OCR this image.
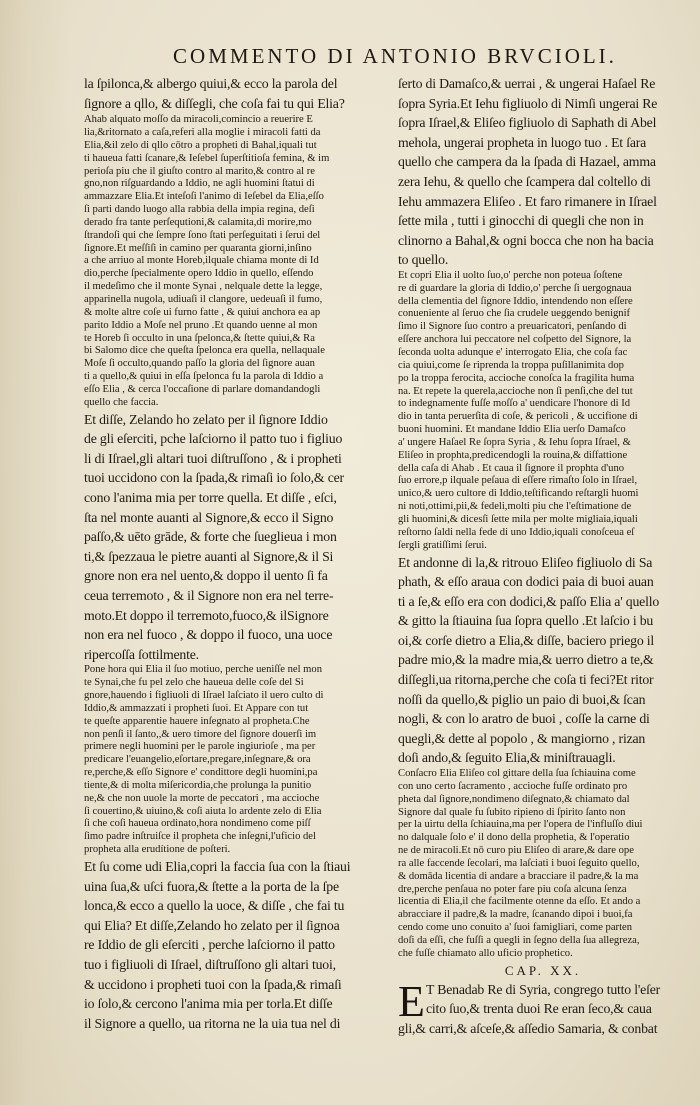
COMMENTO DI ANTONIO BRVCIOLI.
la ſpilonca,& albergo quiui,& ecco la parola del
ſignore a qllo, & diſſegli, che coſa fai tu qui Elia?
Ahab alquato moſſo da miracoli,comincio a reuerire E
lia,&ritornato a caſa,referi alla moglie i miracoli fatti da
Elia,&il zelo di qllo cōtro a propheti di Bahal,iquali tut
ti haueua fatti ſcanare,& Ieſebel ſuperſtitioſa femina, & im
perioſa piu che il giuſto contro al marito,& contro al re
gno,non riſguardando a Iddio, ne agli huomini ſtatui di
ammazzare Elia.Et inteſoſi l'animo di Ieſebel da Elia,eſſo
ſi parti dando luogo alla rabbia della impia regina, deſi
derado fra tante perſequtioni,& calamita,di morire,mo
ſtrandoſi qui che ſempre ſono ſtati perſeguitati i ſerui del
ſignore.Et meſſiſi in camino per quaranta giorni,inſino
a che arriuo al monte Horeb,ilquale chiama monte di Id
dio,perche ſpecialmente opero Iddio in quello, eſſendo
il medeſimo che il monte Synai , nelquale dette la legge,
apparinella nugola, udiuaſi il clangore, uedeuaſi il fumo,
& molte altre coſe ui furno fatte , & quiui anchora ea ap
parito Iddio a Moſe nel pruno .Et quando uenne al mon
te Horeb ſi occulto in una ſpelonca,& ſtette quiui,& Ra
bi Salomo dice che queſta ſpelonca era quella, nellaquale
Moſe ſi occulto,quando paſſo la gloria del ſignore auan
ti a quello,& quiui in eſſa ſpelonca fu la parola di Iddio a
eſſo Elia , & cerca l'occaſione di parlare domandandogli
quello che faccia.
Et diſſe, Zelando ho zelato per il ſignore Iddio
de gli eſerciti, pche laſciorno il patto tuo i figliuo
li di Iſrael,gli altari tuoi diſtruſſono , & i propheti
tuoi uccidono con la ſpada,& rimaſi io ſolo,& cer
cono l'anima mia per torre quella. Et diſſe , eſci,
ſta nel monte auanti al Signore,& ecco il Signo
paſſo,& uēto grāde, & forte che ſueglieua i mon
ti,& ſpezzaua le pietre auanti al Signore,& il Si
gnore non era nel uento,& doppo il uento ſi fa
ceua terremoto , & il Signore non era nel terre-
moto.Et doppo il terremoto,fuoco,& ilSignore
non era nel fuoco , & doppo il fuoco, una uoce
ripercoſſa ſottilmente.
Pone hora qui Elia il ſuo motiuo, perche ueniſſe nel mon
te Synai,che fu pel zelo che haueua delle coſe del Si
gnore,hauendo i figliuoli di Iſrael laſciato il uero culto di
Iddio,& ammazzati i propheti ſuoi. Et Appare con tut
te queſte apparentie hauere inſegnato al propheta.Che
non penſi il ſanto,,& uero timore del ſignore douerſi im
primere negli huomini per le parole ingiurioſe , ma per
predicare l'euangelio,eſortare,pregare,inſegnare,& ora
re,perche,& eſſo Signore e' condittore degli huomini,pa
tiente,& di molta miſericordia,che prolunga la punitio
ne,& che non uuole la morte de peccatori , ma accioche
ſi couertino,& uiuino,& coſi aiuta lo ardente zelo di Elia
ſi che coſi haueua ordinato,hora nondimeno come piſſ
ſimo padre inſtruiſce il propheta che inſegni,l'uficio del
propheta alla erudítione de poſteri.
Et ſu come udi Elia,copri la faccia ſua con la ſtiaui
uina ſua,& uſci fuora,& ſtette a la porta de la ſpe
lonca,& ecco a quello la uoce, & diſſe , che fai tu
qui Elia? Et diſſe,Zelando ho zelato per il ſignoa
re Iddio de gli eſerciti , perche laſciorno il patto
tuo i figliuoli di Iſrael, diſtruſſono gli altari tuoi,
& uccidono i propheti tuoi con la ſpada,& rimaſi
io ſolo,& cercono l'anima mia per torla.Et diſſe
il Signore a quello, ua ritorna ne la uia tua nel di
ſerto di Damaſco,& uerrai , & ungerai Haſael Re
ſopra Syria.Et Iehu figliuolo di Nimſi ungerai Re
ſopra Iſrael,& Eliſeo figliuolo di Saphath di Abel
mehola, ungerai propheta in luogo tuo . Et ſara
quello che campera da la ſpada di Hazael, amma
zera Iehu, & quello che ſcampera dal coltello di
Iehu ammazera Eliſeo . Et faro rimanere in Iſrael
ſette mila , tutti i ginocchi di quegli che non in
clinorno a Bahal,& ogni bocca che non ha bacia
to quello.
Et copri Elia il uolto ſuo,o' perche non poteua ſoſtene
re di guardare la gloria di Iddio,o' perche ſi uergognaua
della clementia del ſignore Iddio, intendendo non eſſere
conueniente al ſeruo che ſia crudele ueggendo benignif
ſimo il Signore ſuo contro a preuaricatori, penſando di
eſſere anchora lui peccatore nel coſpetto del Signore, la
ſeconda uolta adunque e' interrogato Elia, che coſa fac
cia quiui,come ſe riprenda la troppa puſillanimita dop
po la troppa ferocita, accioche conoſca la fragilita huma
na. Et repete la querela,accioche non ſi penſi,che del tut
to indegnamente fuſſe moſſo a' uendicare l'honore di Id
dio in tanta peruerſita di coſe, & pericoli , & uccifione di
buoni huomini. Et mandane Iddio Elia uerſo Damaſco
a' ungere Haſael Re ſopra Syria , & Iehu ſopra Iſrael, &
Eliſeo in prophta,predicendogli la rouina,& diſfattione
della caſa di Ahab . Et caua il ſignore il prophta d'uno
ſuo errore,p ilquale peſaua di eſſere rimaſto ſolo in Iſrael,
unico,& uero cultore di Iddio,teſtificando reſtargli huomi
ni noti,ottimi,pii,& fedeli,molti piu che l'eſtimatione de
gli huomini,& dicesſi ſette mila per molte migliaia,iquali
reſtorno ſaldi nella fede di uno Iddio,iquali conoſceua eſ
ſergli gratiſſimi ſerui.
Et andonne di la,& ritrouo Eliſeo figliuolo di Sa
phath, & eſſo araua con dodici paia di buoi auan
ti a ſe,& eſſo era con dodici,& paſſo Elia a' quello
& gitto la ſtiauina ſua ſopra quello .Et laſcio i bu
oi,& corſe dietro a Elia,& diſſe, baciero priego il
padre mio,& la madre mia,& uerro dietro a te,&
diſſegli,ua ritorna,perche che coſa ti feci?Et ritor
noſſi da quello,& piglio un paio di buoi,& ſcan
nogli, & con lo aratro de buoi , coſſe la carne di
quegli,& dette al popolo , & mangiorno , rizan
doſi ando,& ſeguito Elia,& miniſtrauagli.
Conſacro Elia Eliſeo col gittare della ſua ſchiauina come
con uno certo ſacramento , accioche fuſſe ordinato pro
pheta dal ſignore,nondimeno diſegnato,& chiamato dal
Signore dal quale fu ſubito ripieno di ſpirito ſanto non
per la uirtu della ſchiauina,ma per l'opera de l'influſſo diui
no dalquale ſolo e' il dono della prophetia, & l'operatio
ne de miracoli.Et nō curo piu Eliſeo di arare,& dare ope
ra alle faccende ſecolari, ma laſciati i buoi ſeguito quello,
& domāda licentia di andare a bracciare il padre,& la ma
dre,perche penſaua no poter fare piu coſa alcuna ſenza
licentia di Elia,il che facilmente otenne da eſſo. Et ando a
abracciare il padre,& la madre, ſcanando dipoi i buoi,fa
cendo come uno conuito a' ſuoi famigliari, come parten
doſi da eſſi, che fuſſi a quegli in ſegno della ſua allegreza,
che fuſſe chiamato allo uficio prophetico.
CAP. XX.
E T Benadab Re di Syria, congrego tutto l'eſer
cito ſuo,& trenta duoi Re eran ſeco,& caua
gli,& carri,& aſceſe,& aſſedio Samaria, & conbat
